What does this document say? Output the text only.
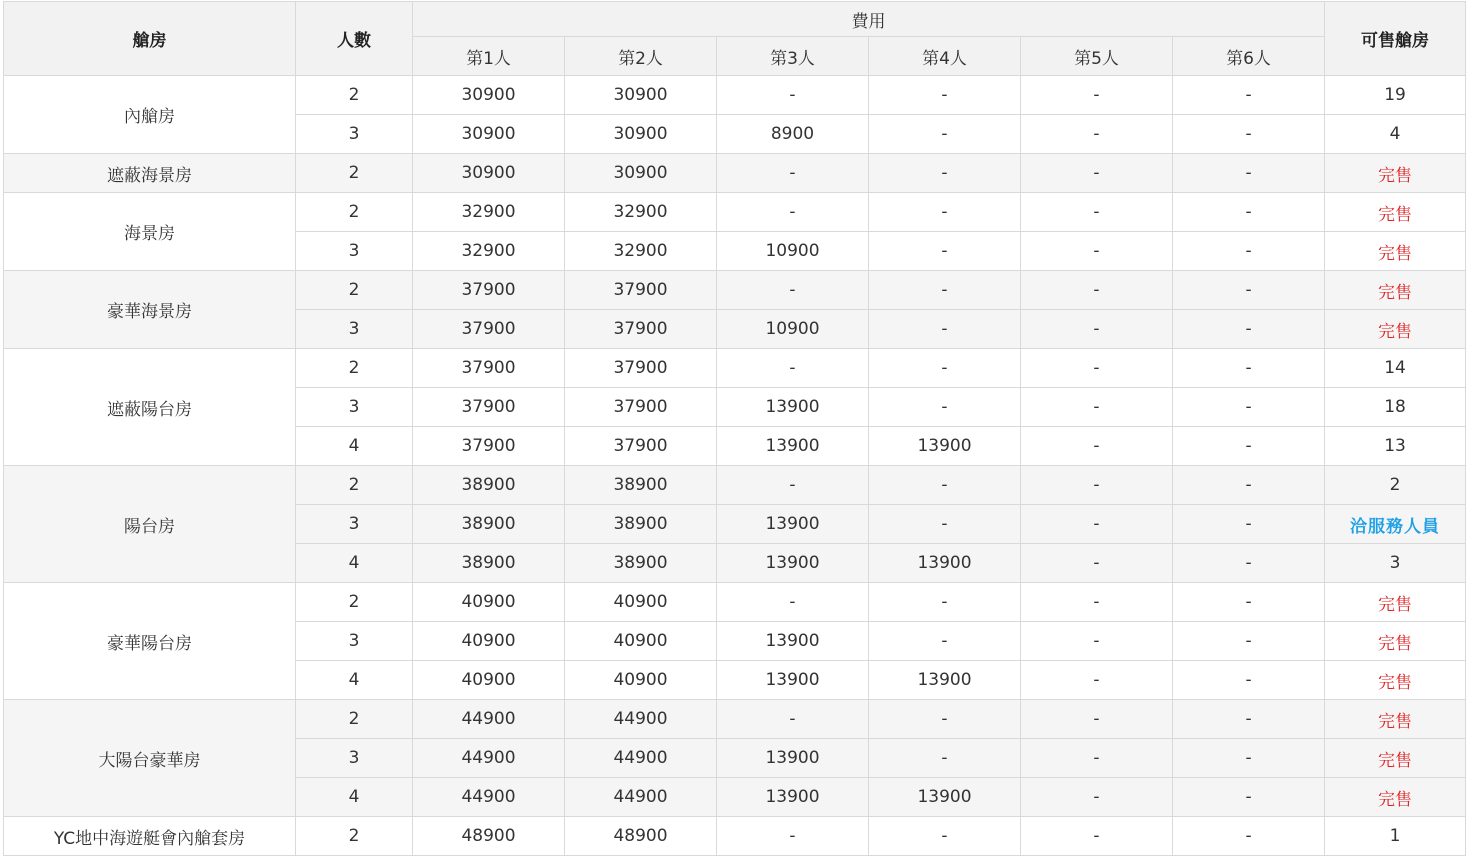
艙房	人數	費用						可售艙房
		第1人	第2人	第3人	第4人	第5人	第6人	
內艙房	2	30900	30900	-	-	-	-	19
	3	30900	30900	8900	-	-	-	4
遮蔽海景房	2	30900	30900	-	-	-	-	完售
海景房	2	32900	32900	-	-	-	-	完售
	3	32900	32900	10900	-	-	-	完售
豪華海景房	2	37900	37900	-	-	-	-	完售
	3	37900	37900	10900	-	-	-	完售
遮蔽陽台房	2	37900	37900	-	-	-	-	14
	3	37900	37900	13900	-	-	-	18
	4	37900	37900	13900	13900	-	-	13
陽台房	2	38900	38900	-	-	-	-	2
	3	38900	38900	13900	-	-	-	洽服務人員
	4	38900	38900	13900	13900	-	-	3
豪華陽台房	2	40900	40900	-	-	-	-	完售
	3	40900	40900	13900	-	-	-	完售
	4	40900	40900	13900	13900	-	-	完售
大陽台豪華房	2	44900	44900	-	-	-	-	完售
	3	44900	44900	13900	-	-	-	完售
	4	44900	44900	13900	13900	-	-	完售
YC地中海遊艇會內艙套房	2	48900	48900	-	-	-	-	1
